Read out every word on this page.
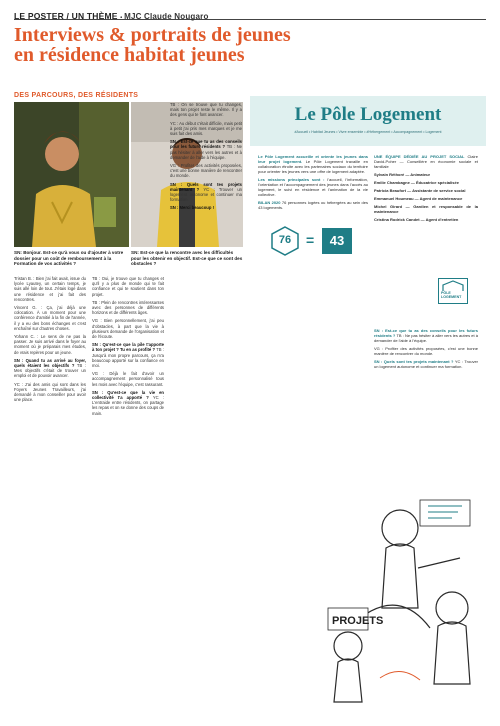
LE POSTER / UN THÈME • MJC Claude Nougaro
Interviews & portraits de jeunes en résidence habitat jeunes
DES PARCOURS, DES RÉSIDENTS
SN: Bonjour. Est-ce qu'à vous ou d'ajouter à votre dossier pour un coût de remboursement à la Formation de vos activités ?
SN: Est-ce que la rencontre avec les difficultés pour les obtenir en objectif. Est-ce que ce sont des obstacles ?

Tristan B. : Bien j'ai fait avait, issue du lycée Lyautey, un certain temps, je suis allé loin de tout. J'étais logé dans une résidence et j'ai fait des rencontres.

Vincent G. : Ça, j'ai déjà une colocation. À un moment pour une conférence d'amitié à la fin de l'année, il y a eu des bons échanges et c'est enchaîné sur d'autres choses.

Yohann C. : Le sens de ne pas la passer. Je suis arrivé dans le foyer au moment où je préparais mes études, de vrais repères pour un jeune.

SN : Quand tu as arrivé au foyer, quels étaient les objectifs ? TB : Mes objectifs c'était de trouver un emploi et de pouvoir avancer.

YC : J'ai des amis qui sont dans les Foyers Jeunes Travailleurs, j'ai demandé à mon conseiller pour avoir une place.

TB : Oui, je trouve que tu changes et qu'il y a plus de monde qui te fait confiance et qui te soutient dans ton projet.

TB : Plein de rencontres intéressantes avec des personnes de différents horizons et de différents âges.

VG : Bien personnellement, j'ai peu d'obstacles, à part que la vie à plusieurs demande de l'organisation et de l'écoute.

SN : Qu'est-ce que la pile t'apporte à ton projet ? Tu en as profité ? TB : Jusqu'à mon propre parcours, ça m'a beaucoup apporté sur la confiance en moi.

VG : Déjà le fait d'avoir un accompagnement personnalisé tous les mois avec l'équipe, c'est rassurant.

SN : Qu'est-ce que la vie en collectivité t'a apporté ? YC : L'entraide entre résidents, on partage les repas et on se donne des coups de main.

TB : On se trouve que tu changes, mais ton projet reste le même. Il y a des gens qui te font avancer.

YC : Au début c'était difficile, mais petit à petit j'ai pris mes marques et je me suis fait des amis.

SN : Est-ce que tu as des conseils pour les futurs résidents ? TB : Ne pas hésiter à aller vers les autres et à demander de l'aide à l'équipe.

VG : Profiter des activités proposées, c'est une bonne manière de rencontrer du monde.

SN : Quels sont tes projets maintenant ? YC : Trouver un logement autonome et continuer ma formation.

SN : Merci beaucoup !

Le Pôle Logement
#Accueil • Habitat Jeunes • Vivre ensemble • #Hébergement • Accompagnement • Logement

Le Pôle Logement accueille et oriente les jeunes dans leur projet logement. Le Pôle Logement travaille en collaboration étroite avec les partenaires sociaux du territoire pour orienter les jeunes vers une offre de logement adaptée.

Les missions principales sont : l'accueil, l'information, l'orientation et l'accompagnement des jeunes dans l'accès au logement, le suivi en résidence et l'animation de la vie collective.

BILAN 2020 76 personnes logées ou hébergées au sein des 43 logements.

76	=	43

UNE ÉQUIPE DÉDIÉE AU PROJET SOCIAL Claire David-Poher — Conseillère en économie sociale et familiale

Sylvain Réthoré — Animateur

Emilie Chambagne — Éducatrice spécialisée

Patricia Beaufort — Assistante de service social

Emmanuel Houmeau — Agent de maintenance

Michel Girard — Gardien et responsable de la maintenance

Cristina Rodrick Candet — Agent d'entretien

PÔLE LOGEMENT

SN : Est-ce que tu as des conseils pour les futurs résidents ? TB : Ne pas hésiter à aller vers les autres et à demander de l'aide à l'équipe.

VG : Profiter des activités proposées, c'est une bonne manière de rencontrer du monde.

SN : Quels sont tes projets maintenant ? YC : Trouver un logement autonome et continuer ma formation.

PROJETS
